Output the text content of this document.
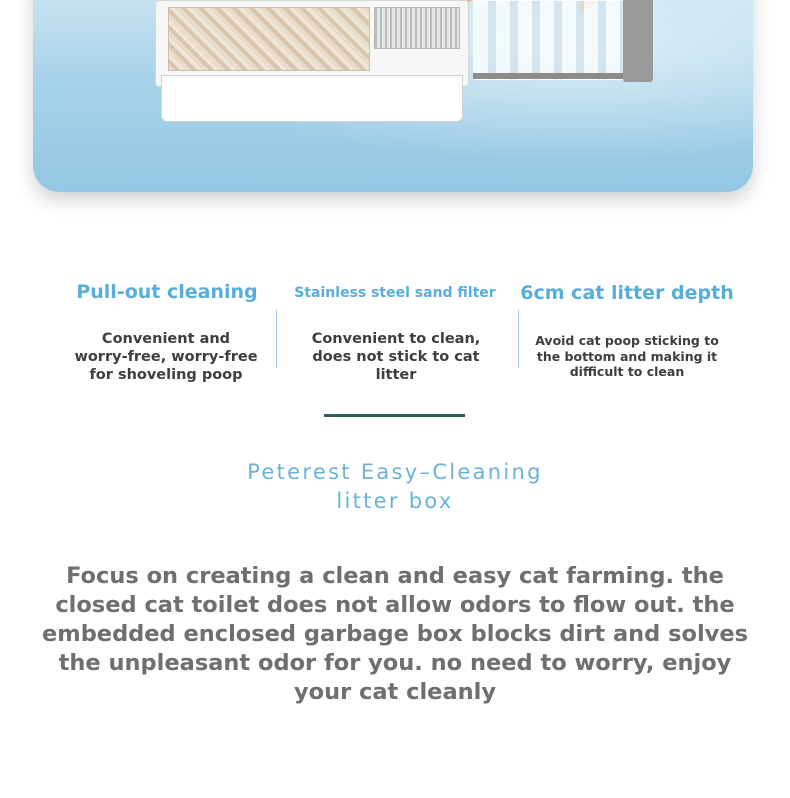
Pull-out cleaning	Stainless steel sand filter	6cm cat litter depth
Convenient and
worry-free, worry-free
for shoveling poop
Convenient to clean,
does not stick to cat
litter
Avoid cat poop sticking to
the bottom and making it
difficult to clean
Peterest Easy–Cleaning
litter box
Focus on creating a clean and easy cat farming. the
closed cat toilet does not allow odors to flow out. the
embedded enclosed garbage box blocks dirt and solves
the unpleasant odor for you. no need to worry, enjoy
your cat cleanly
